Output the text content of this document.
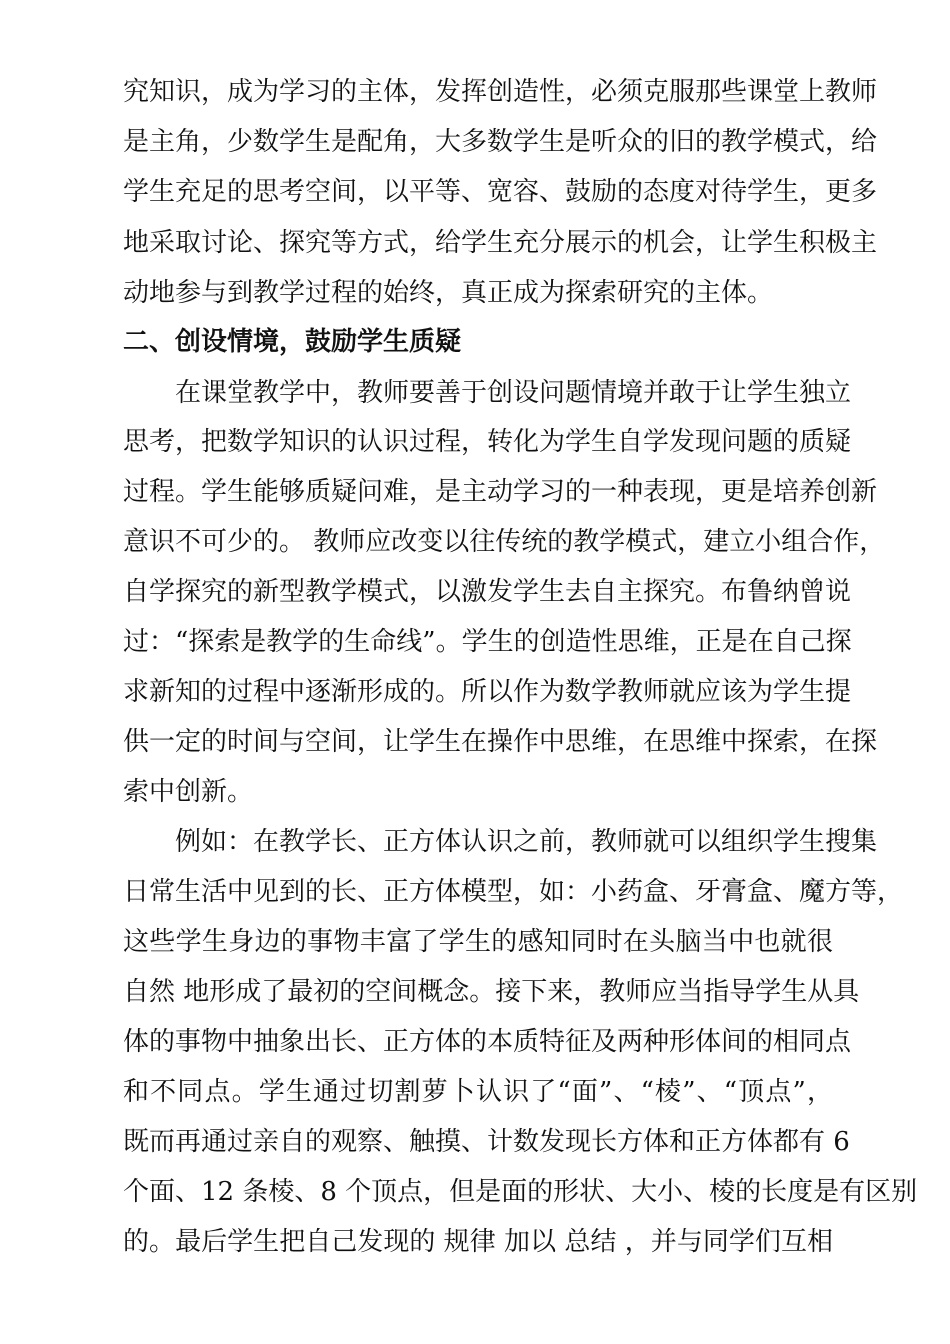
究知识，成为学习的主体，发挥创造性，必须克服那些课堂上教师
是主角，少数学生是配角，大多数学生是听众的旧的教学模式，给
学生充足的思考空间，以平等、宽容、鼓励的态度对待学生，更多
地采取讨论、探究等方式，给学生充分展示的机会，让学生积极主
动地参与到教学过程的始终，真正成为探索研究的主体。
二、创设情境，鼓励学生质疑
在课堂教学中，教师要善于创设问题情境并敢于让学生独立
思考，把数学知识的认识过程，转化为学生自学发现问题的质疑
过程。学生能够质疑问难，是主动学习的一种表现，更是培养创新
意识不可少的。 教师应改变以往传统的教学模式，建立小组合作，
自学探究的新型教学模式，以激发学生去自主探究。布鲁纳曾说
过：“探索是教学的生命线”。学生的创造性思维，正是在自己探
求新知的过程中逐渐形成的。所以作为数学教师就应该为学生提
供一定的时间与空间，让学生在操作中思维，在思维中探索，在探
索中创新。
例如：在教学长、正方体认识之前，教师就可以组织学生搜集
日常生活中见到的长、正方体模型，如：小药盒、牙膏盒、魔方等，
这些学生身边的事物丰富了学生的感知同时在头脑当中也就很
自然 地形成了最初的空间概念。接下来，教师应当指导学生从具
体的事物中抽象出长、正方体的本质特征及两种形体间的相同点
和不同点。学生通过切割萝卜认识了“面”、“棱”、“顶点”，
既而再通过亲自的观察、触摸、计数发现长方体和正方体都有 6
个面、12 条棱、8 个顶点，但是面的形状、大小、棱的长度是有区别
的。最后学生把自己发现的 规律 加以 总结 ，并与同学们互相
